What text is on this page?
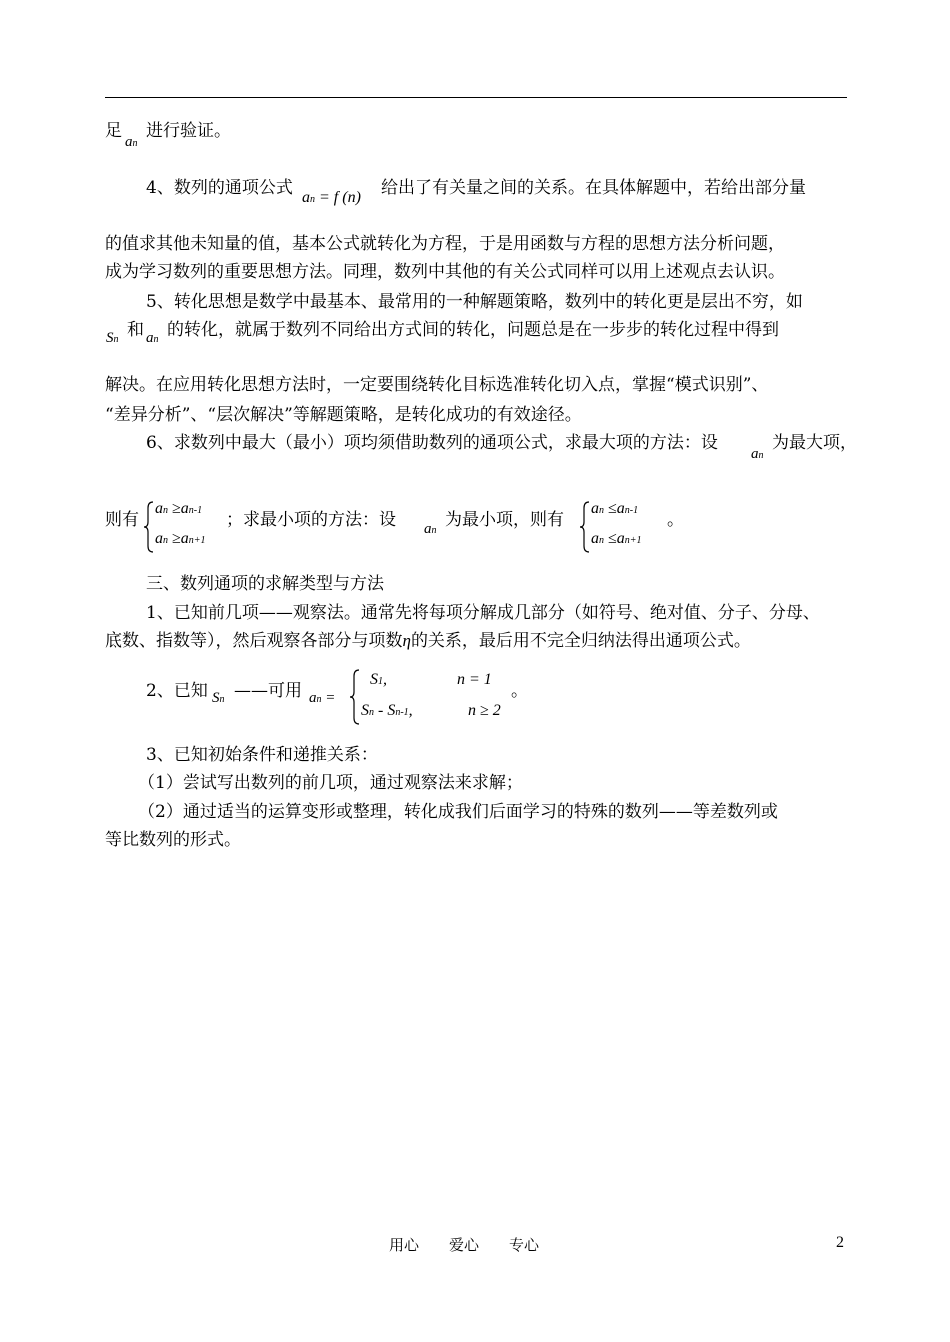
足
an
进行验证。
4、数列的通项公式 an = f (n) 给出了有关量之间的关系。在具体解题中，若给出部分量
的值求其他未知量的值，基本公式就转化为方程，于是用函数与方程的思想方法分析问题，
成为学习数列的重要思想方法。同理，数列中其他的有关公式同样可以用上述观点去认识。
5、转化思想是数学中最基本、最常用的一种解题策略，数列中的转化更是层出不穷，如
Sn 和 an 的转化，就属于数列不同给出方式间的转化，问题总是在一步步的转化过程中得到
解决。在应用转化思想方法时，一定要围绕转化目标选准转化切入点，掌握“模式识别”、
“差异分析”、“层次解决”等解题策略，是转化成功的有效途径。
6、求数列中最大（最小）项均须借助数列的通项公式，求最大项的方法：设
an
为最大项，
则有
an ≥an-1
an ≥an+1
；求最小项的方法：设 an
为最小项，则有
an ≤an-1
an ≤an+1
。
三、数列通项的求解类型与方法
1、已知前几项——观察法。通常先将每项分解成几部分（如符号、绝对值、分子、分母、
底数、指数等），然后观察各部分与项数η的关系，最后用不完全归纳法得出通项公式。
2、已知 Sn ——可用 an =
S1,	n = 1
Sn - Sn-1,	n ≥ 2
。
3、已知初始条件和递推关系：
（1）尝试写出数列的前几项，通过观察法来求解；
（2）通过适当的运算变形或整理，转化成我们后面学习的特殊的数列——等差数列或
等比数列的形式。
用心　　爱心　　专心	2
